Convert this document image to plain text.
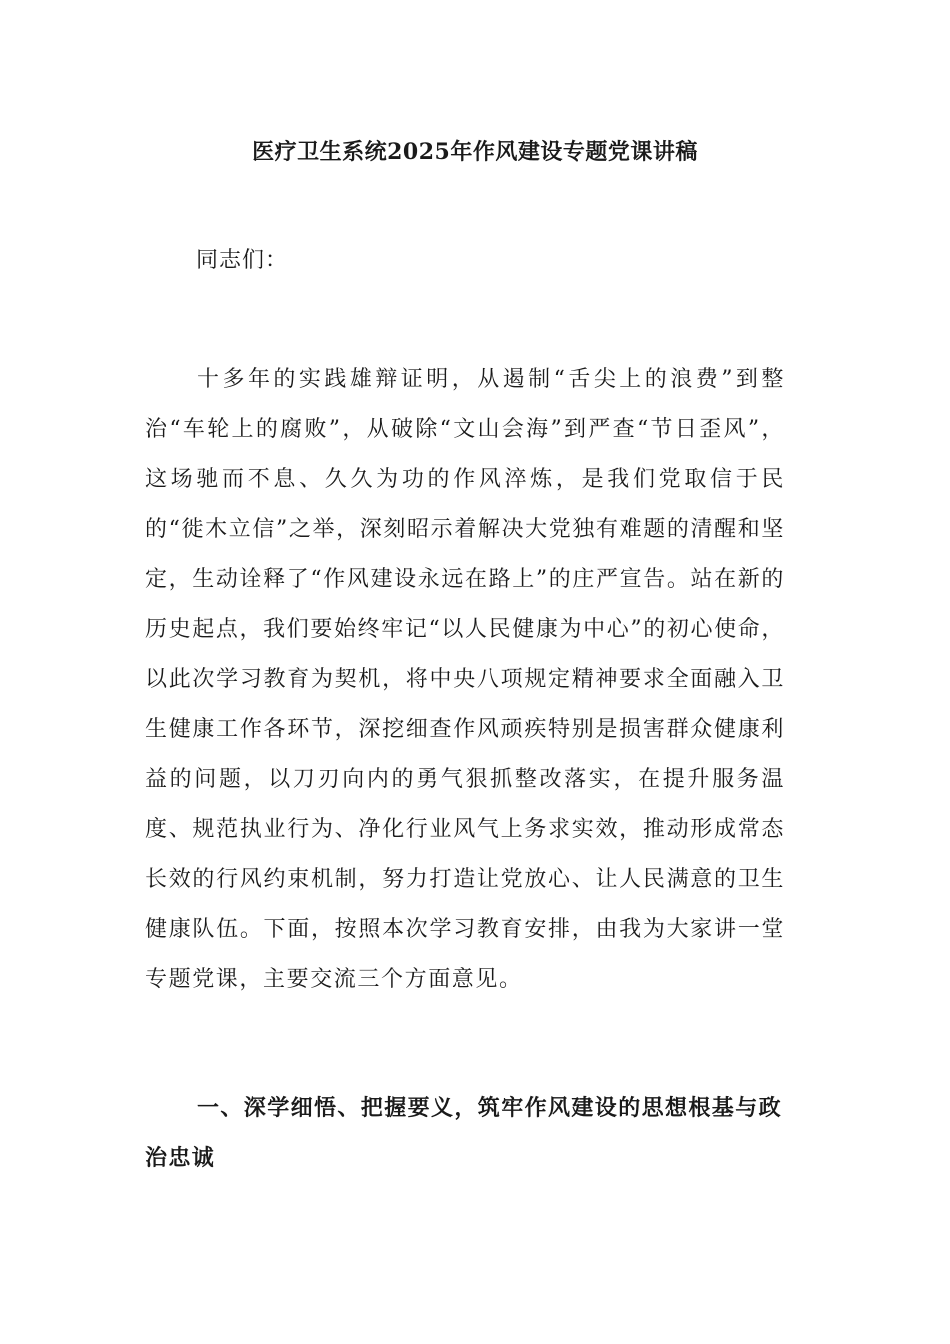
医疗卫生系统2025年作风建设专题党课讲稿

同志们：

十多年的实践雄辩证明，从遏制“舌尖上的浪费”到整治“车轮上的腐败”，从破除“文山会海”到严查“节日歪风”，这场驰而不息、久久为功的作风淬炼，是我们党取信于民的“徙木立信”之举，深刻昭示着解决大党独有难题的清醒和坚定，生动诠释了“作风建设永远在路上”的庄严宣告。站在新的历史起点，我们要始终牢记“以人民健康为中心”的初心使命，以此次学习教育为契机，将中央八项规定精神要求全面融入卫生健康工作各环节，深挖细查作风顽疾特别是损害群众健康利益的问题，以刀刃向内的勇气狠抓整改落实，在提升服务温度、规范执业行为、净化行业风气上务求实效，推动形成常态长效的行风约束机制，努力打造让党放心、让人民满意的卫生健康队伍。下面，按照本次学习教育安排，由我为大家讲一堂专题党课，主要交流三个方面意见。

一、深学细悟、把握要义，筑牢作风建设的思想根基与政治忠诚
